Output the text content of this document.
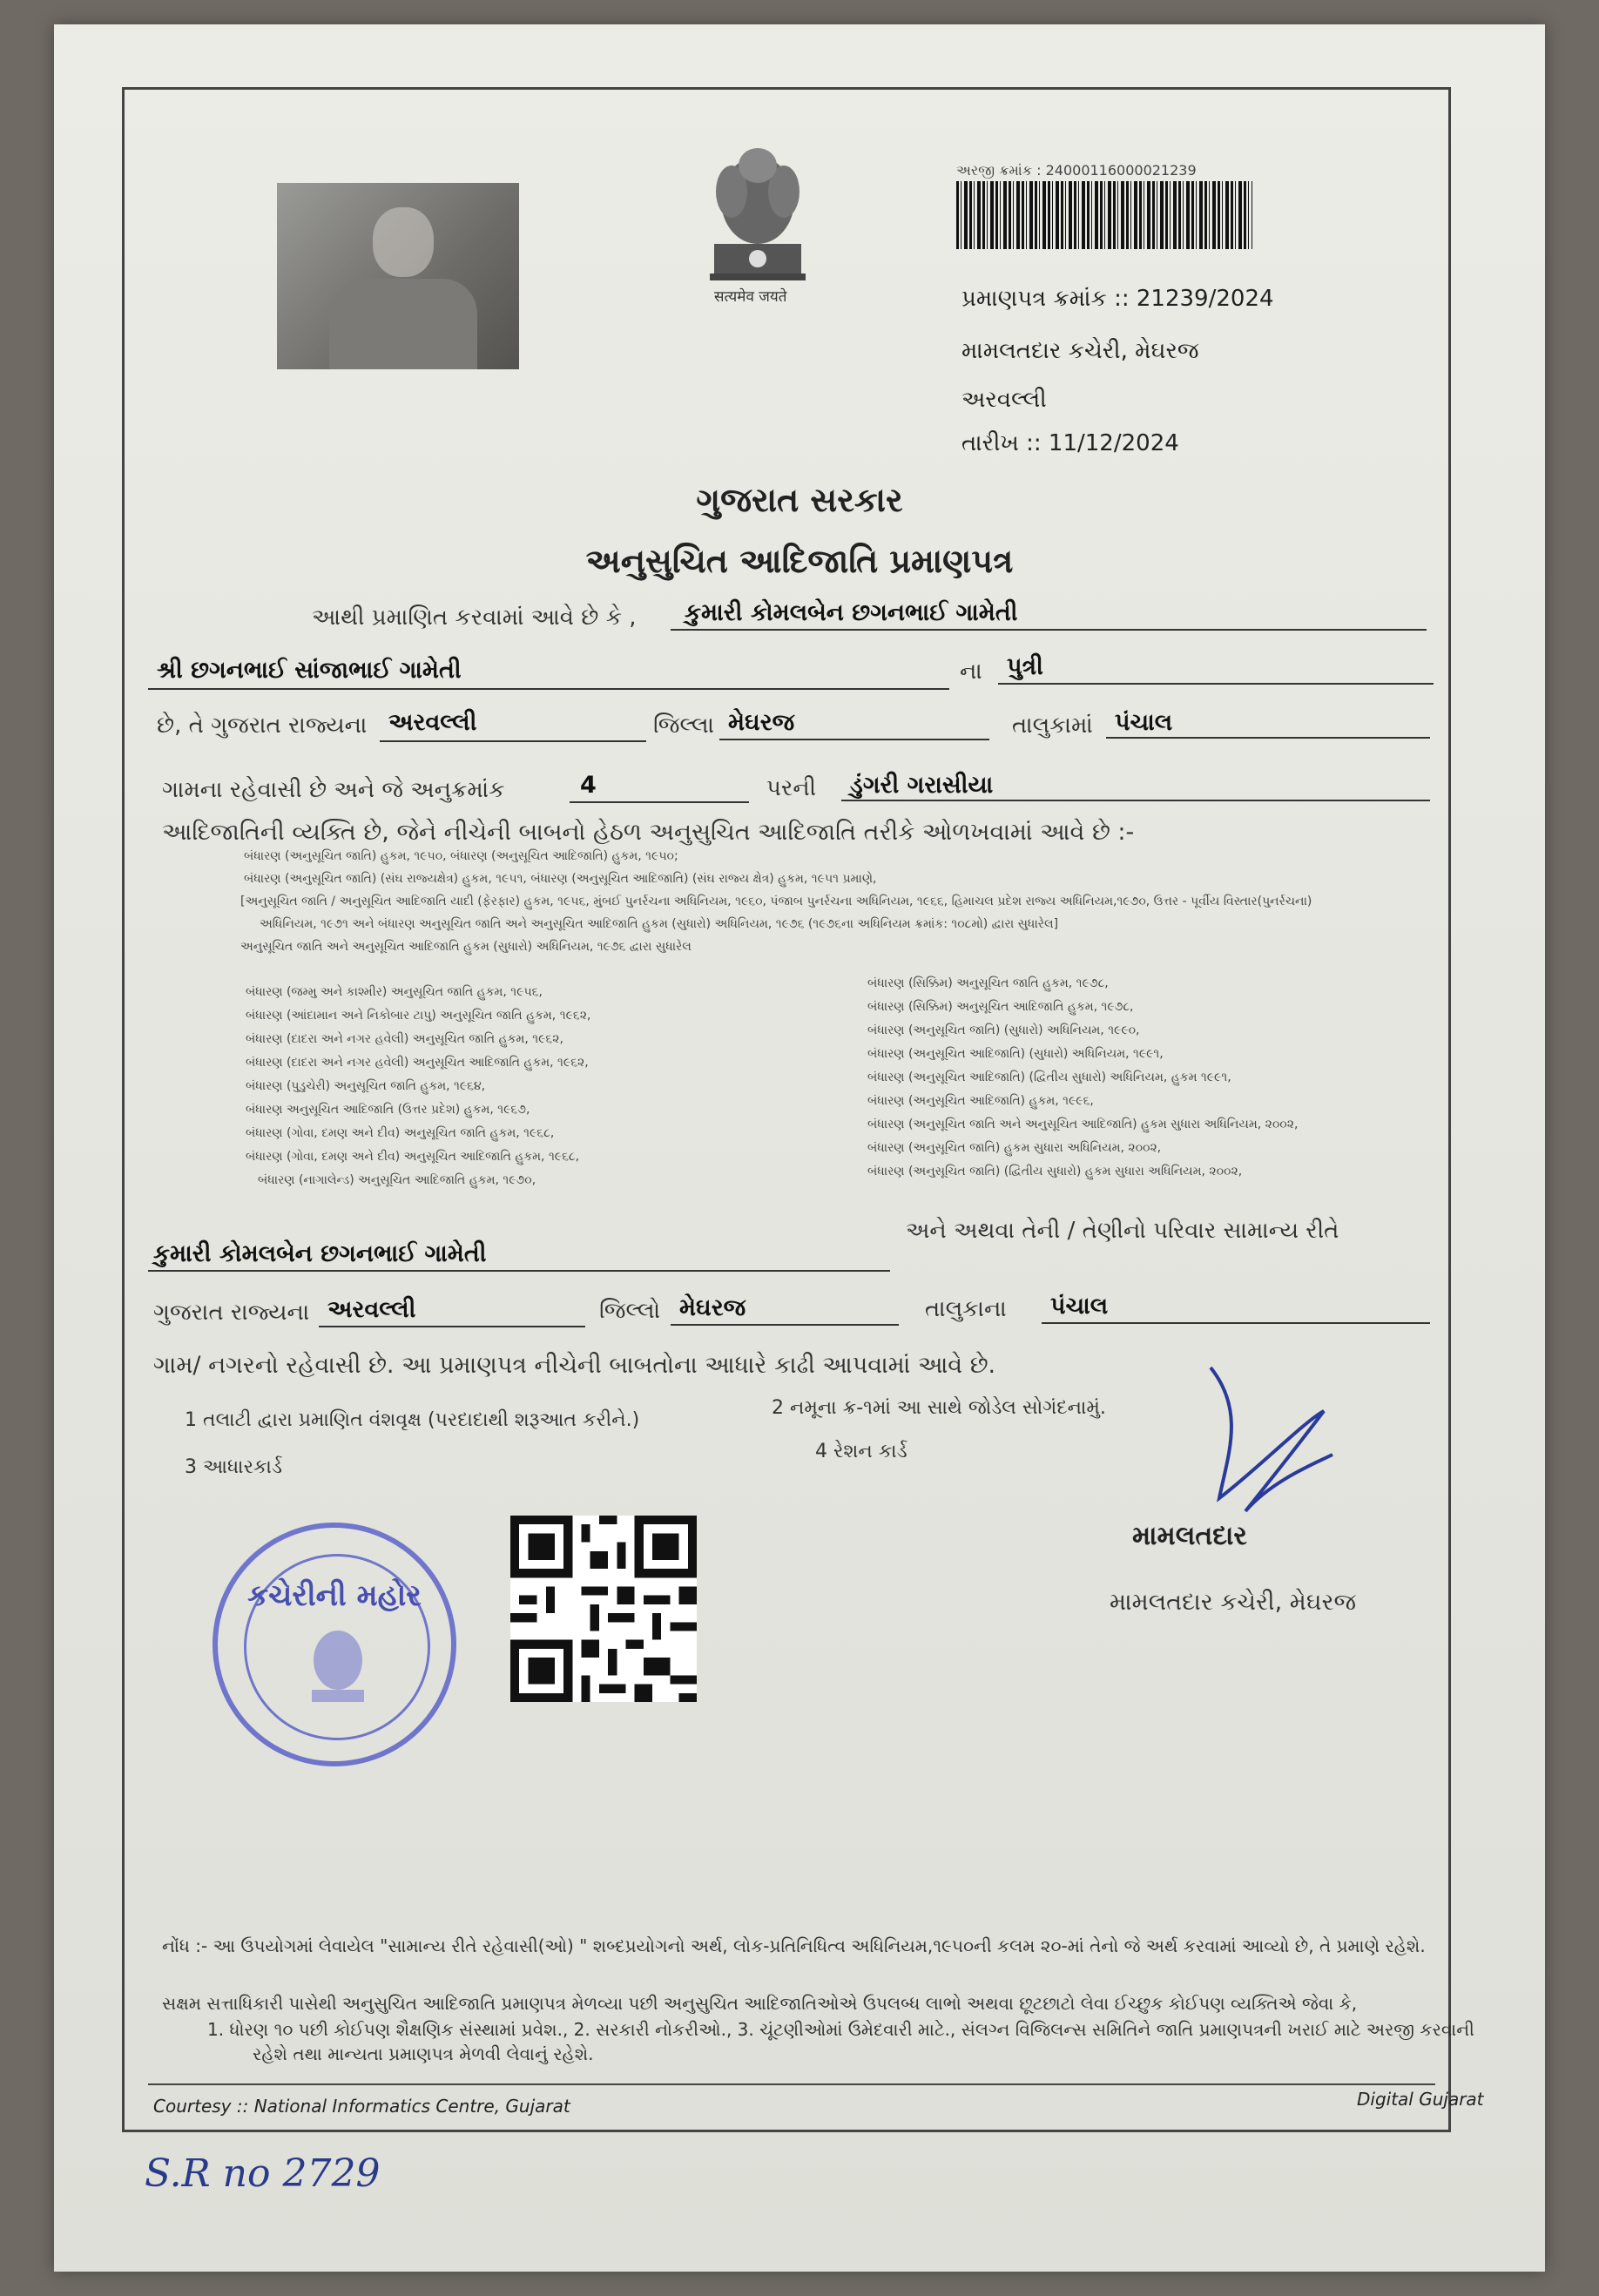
सत्यमेव जयते
અરજી ક્રમાંક : 24000116000021239
પ્રમાણપત્ર ક્રમાંક :: 21239/2024
મામલતદાર કચેરી, મેઘરજ
અરવલ્લી
તારીખ :: 11/12/2024
ગુજરાત સરકાર
અનુસુચિત આદિજાતિ પ્રમાણપત્ર
આથી પ્રમાણિત કરવામાં આવે છે કે , કુમારી કોમલબેન છગનભાઈ ગામેતી
શ્રી છગનભાઈ સાંજાભાઈ ગામેતી	ના પુત્રી
છે, તે ગુજરાત રાજ્યના અરવલ્લી	જિલ્લા મેઘરજ	તાલુકામાં પંચાલ
ગામના રહેવાસી છે અને જે અનુક્રમાંક	4	પરની ડુંગરી ગરાસીયા
આદિજાતિની વ્યક્તિ છે, જેને નીચેની બાબનો હેઠળ અનુસુચિત આદિજાતિ તરીકે ઓળખવામાં આવે છે :-
બંધારણ (અનુસૂચિત જાતિ) હુકમ, ૧૯૫૦, બંધારણ (અનુસૂચિત આદિજાતિ) હુકમ, ૧૯૫૦;
બંધારણ (અનુસૂચિત જાતિ) (સંઘ રાજ્યક્ષેત્ર) હુકમ, ૧૯૫૧, બંધારણ (અનુસૂચિત આદિજાતિ) (સંઘ રાજ્ય ક્ષેત્ર) હુકમ, ૧૯૫૧ પ્રમાણે,
[અનુસૂચિત જાતિ / અનુસૂચિત આદિજાતિ યાદી (ફેરફાર) હુકમ, ૧૯૫૬, મુંબઈ પુનર્રચના અધિનિયમ, ૧૯૬૦, પંજાબ પુનર્રચના અધિનિયમ, ૧૯૬૬, હિમાચલ પ્રદેશ રાજ્ય અધિનિયમ,૧૯૭૦, ઉત્તર - પૂર્વીય વિસ્તાર(પુનર્રચના)
અધિનિયમ, ૧૯૭૧ અને બંધારણ અનુસૂચિત જાતિ અને અનુસૂચિત આદિજાતિ હુકમ (સુધારો) અધિનિયમ, ૧૯૭૬ (૧૯૭૬ના અધિનિયમ ક્રમાંક: ૧૦૮મો) દ્વારા સુધારેલ]
અનુસૂચિત જાતિ અને અનુસૂચિત આદિજાતિ હુકમ (સુધારો) અધિનિયમ, ૧૯૭૬ દ્વારા સુધારેલ
બંધારણ (જમ્મુ અને કાશ્મીર) અનુસૂચિત જાતિ હુકમ, ૧૯૫૬,
બંધારણ (આંદામાન અને નિકોબાર ટાપુ) અનુસૂચિત જાતિ હુકમ, ૧૯૬૨,
બંધારણ (દાદરા અને નગર હવેલી) અનુસૂચિત જાતિ હુકમ, ૧૯૬૨,
બંધારણ (દાદરા અને નગર હવેલી) અનુસૂચિત આદિજાતિ હુકમ, ૧૯૬૨,
બંધારણ (પુડુચેરી) અનુસૂચિત જાતિ હુકમ, ૧૯૬૪,
બંધારણ અનુસૂચિત આદિજાતિ (ઉત્તર પ્રદેશ) હુકમ, ૧૯૬૭,
બંધારણ (ગોવા, દમણ અને દીવ) અનુસૂચિત જાતિ હુકમ, ૧૯૬૮,
બંધારણ (ગોવા, દમણ અને દીવ) અનુસૂચિત આદિજાતિ હુકમ, ૧૯૬૮,
બંધારણ (નાગાલેન્ડ) અનુસૂચિત આદિજાતિ હુકમ, ૧૯૭૦,
બંધારણ (સિક્કિમ) અનુસૂચિત જાતિ હુકમ, ૧૯૭૮,
બંધારણ (સિક્કિમ) અનુસૂચિત આદિજાતિ હુકમ, ૧૯૭૮,
બંધારણ (અનુસૂચિત જાતિ) (સુધારો) અધિનિયમ, ૧૯૯૦,
બંધારણ (અનુસૂચિત આદિજાતિ) (સુધારો) અધિનિયમ, ૧૯૯૧,
બંધારણ (અનુસૂચિત આદિજાતિ) (દ્વિતીય સુધારો) અધિનિયમ, હુકમ ૧૯૯૧,
બંધારણ (અનુસૂચિત આદિજાતિ) હુકમ, ૧૯૯૬,
બંધારણ (અનુસૂચિત જાતિ અને અનુસૂચિત આદિજાતિ) હુકમ સુધારા અધિનિયમ, ૨૦૦૨,
બંધારણ (અનુસૂચિત જાતિ) હુકમ સુધારા અધિનિયમ, ૨૦૦૨,
બંધારણ (અનુસૂચિત જાતિ) (દ્વિતીય સુધારો) હુકમ સુધારા અધિનિયમ, ૨૦૦૨,
અને અથવા તેની / તેણીનો પરિવાર સામાન્ય રીતે
કુમારી કોમલબેન છગનભાઈ ગામેતી
ગુજરાત રાજ્યના અરવલ્લી	જિલ્લો મેઘરજ	તાલુકાના પંચાલ
ગામ/ નગરનો રહેવાસી છે. આ પ્રમાણપત્ર નીચેની બાબતોના આધારે કાઢી આપવામાં આવે છે.
1 તલાટી દ્વારા પ્રમાણિત વંશવૃક્ષ (પરદાદાથી શરૂઆત કરીને.)
2 નમૂના ક્ર-૧માં આ સાથે જોડેલ સોગંદનામું.
3 આધારકાર્ડ
4 રેશન કાર્ડ
મામલતદાર
મામલતદાર કચેરી, મેઘરજ
કચેરીની મહોર
નોંધ :- આ ઉપયોગમાં લેવાયેલ "સામાન્ય રીતે રહેવાસી(ઓ) " શબ્દપ્રયોગનો અર્થ, લોક-પ્રતિનિધિત્વ અધિનિયમ,૧૯૫૦ની કલમ ૨૦-માં તેનો જે અર્થ કરવામાં આવ્યો છે, તે પ્રમાણે રહેશે.
સક્ષમ સત્તાધિકારી પાસેથી અનુસુચિત આદિજાતિ પ્રમાણપત્ર મેળવ્યા પછી અનુસુચિત આદિજાતિઓએ ઉપલબ્ધ લાભો અથવા છૂટછાટો લેવા ઈચ્છુક કોઈપણ વ્યક્તિએ જેવા કે,
1. ધોરણ ૧૦ પછી કોઈપણ શૈક્ષણિક સંસ્થામાં પ્રવેશ., 2. સરકારી નોકરીઓ., 3. ચૂંટણીઓમાં ઉમેદવારી માટે., સંલગ્ન વિજિલન્સ સમિતિને જાતિ પ્રમાણપત્રની ખરાઈ માટે અરજી કરવાની
રહેશે તથા માન્યતા પ્રમાણપત્ર મેળવી લેવાનું રહેશે.
Courtesy :: National Informatics Centre, Gujarat	Digital Gujarat
S.R no 2729
